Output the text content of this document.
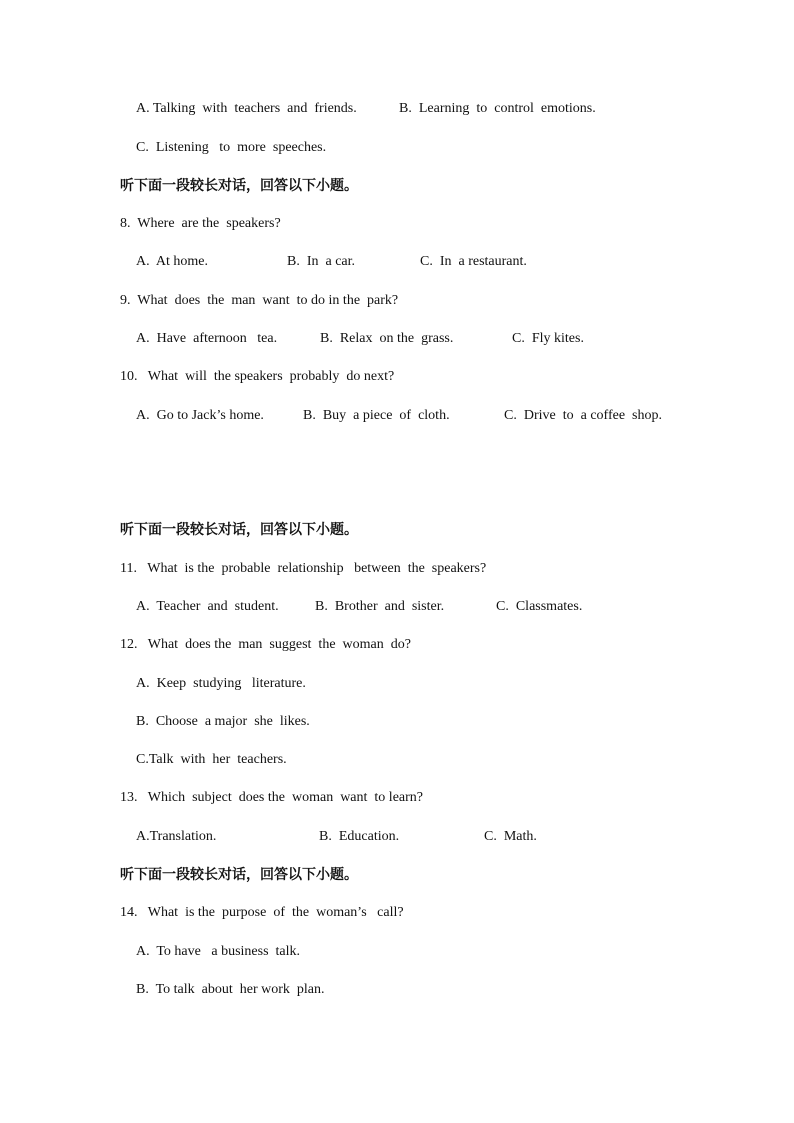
A. Talking  with  teachers  and  friends.	B.  Learning  to  control  emotions.
C.  Listening   to  more  speeches.
听下面一段较长对话，回答以下小题。
8.  Where  are the  speakers?
A.  At home.	B.  In  a car.	C.  In  a restaurant.
9.  What  does  the  man  want  to do in the  park?
A.  Have  afternoon   tea.	B.  Relax  on the  grass.	C.  Fly kites.
10.   What  will  the speakers  probably  do next?
A.  Go to Jack’s home.	B.  Buy  a piece  of  cloth.	C.  Drive  to  a coffee  shop.
听下面一段较长对话，回答以下小题。
11.   What  is the  probable  relationship   between  the  speakers?
A.  Teacher  and  student.	B.  Brother  and  sister.	C.  Classmates.
12.   What  does the  man  suggest  the  woman  do?
A.  Keep  studying   literature.
B.  Choose  a major  she  likes.
C.Talk  with  her  teachers.
13.   Which  subject  does the  woman  want  to learn?
A.Translation.	B.  Education.	C.  Math.
听下面一段较长对话，回答以下小题。
14.   What  is the  purpose  of  the  woman’s   call?
A.  To have   a business  talk.
B.  To talk  about  her work  plan.
